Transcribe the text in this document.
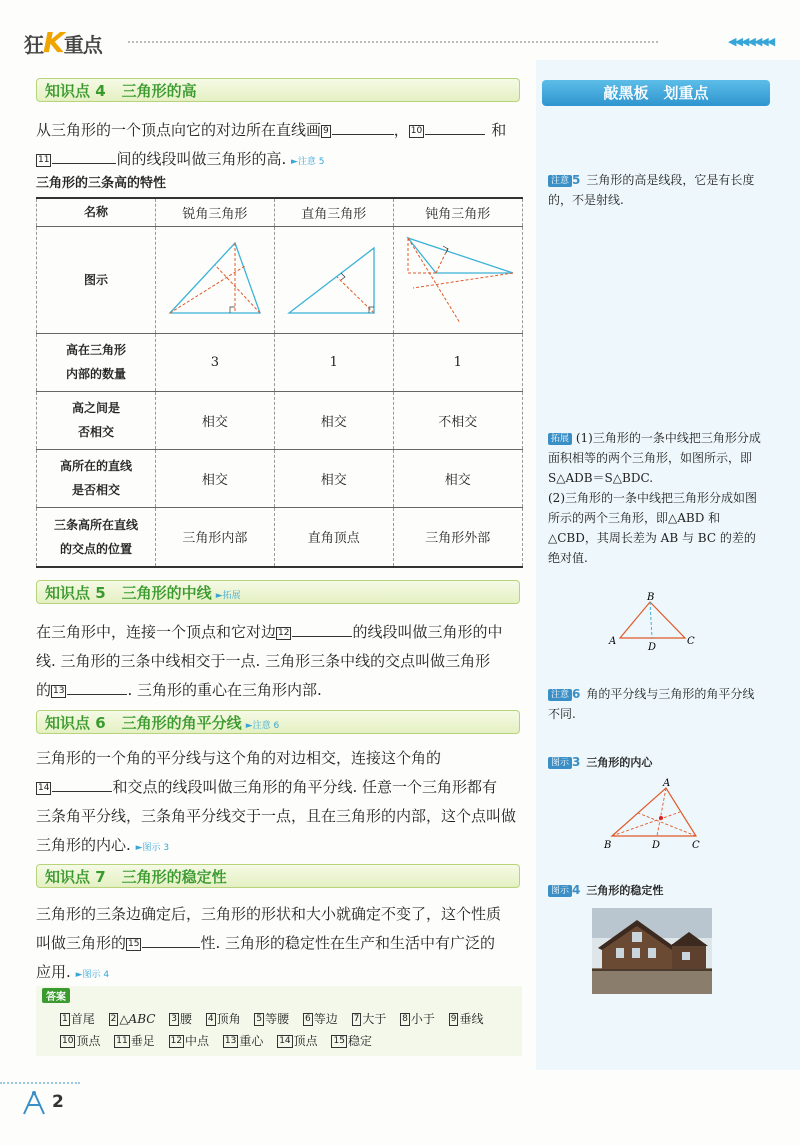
狂K重点	◀◀◀◀◀◀◀
知识点 4 三角形的高
从三角形的一个顶点向它的对边所在直线画 9	， 10	和
11	间的线段叫做三角形的高. ►注意 5
三角形的三条高的特性
名称	锐角三角形	直角三角形	钝角三角形
图示			
高在三角形
内部的数量	3	1	1
高之间是
否相交	相交	相交	不相交
高所在的直线
是否相交	相交	相交	相交
三条高所在直线
的交点的位置	三角形内部	直角顶点	三角形外部
知识点 5 三角形的中线 ►拓展
在三角形中，连接一个顶点和它对边 12	的线段叫做三角形的中
线. 三角形的三条中线相交于一点. 三角形三条中线的交点叫做三角形
的 13	. 三角形的重心在三角形内部.
知识点 6 三角形的角平分线 ►注意 6
三角形的一个角的平分线与这个角的对边相交，连接这个角的
14	和交点的线段叫做三角形的角平分线. 任意一个三角形都有
三条角平分线，三条角平分线交于一点，且在三角形的内部，这个点叫做
三角形的内心. ►图示 3
知识点 7 三角形的稳定性
三角形的三条边确定后，三角形的形状和大小就确定不变了，这个性质
叫做三角形的 15	性. 三角形的稳定性在生产和生活中有广泛的
应用. ►图示 4
答案
1 首尾 2 △ABC 3 腰 4 顶角 5 等腰 6 等边 7 大于 8 小于 9 垂线
10 顶点 11 垂足 12 中点 13 重心 14 顶点 15 稳定
敲黑板　划重点
注意 5 三角形的高是线段，它是有长度的，不是射线.
拓展 (1)三角形的一条中线把三角形分成面积相等的两个三角形，如图所示，即 S△ADB＝S△BDC.
(2)三角形的一条中线把三角形分成如图所示的两个三角形，即△ABD 和△CBD，其周长差为 AB 与 BC 的差的绝对值.
B
A	C
D
注意 6 角的平分线与三角形的角平分线不同.
图示 3 三角形的内心
A
B	D	C
图示 4 三角形的稳定性
2
